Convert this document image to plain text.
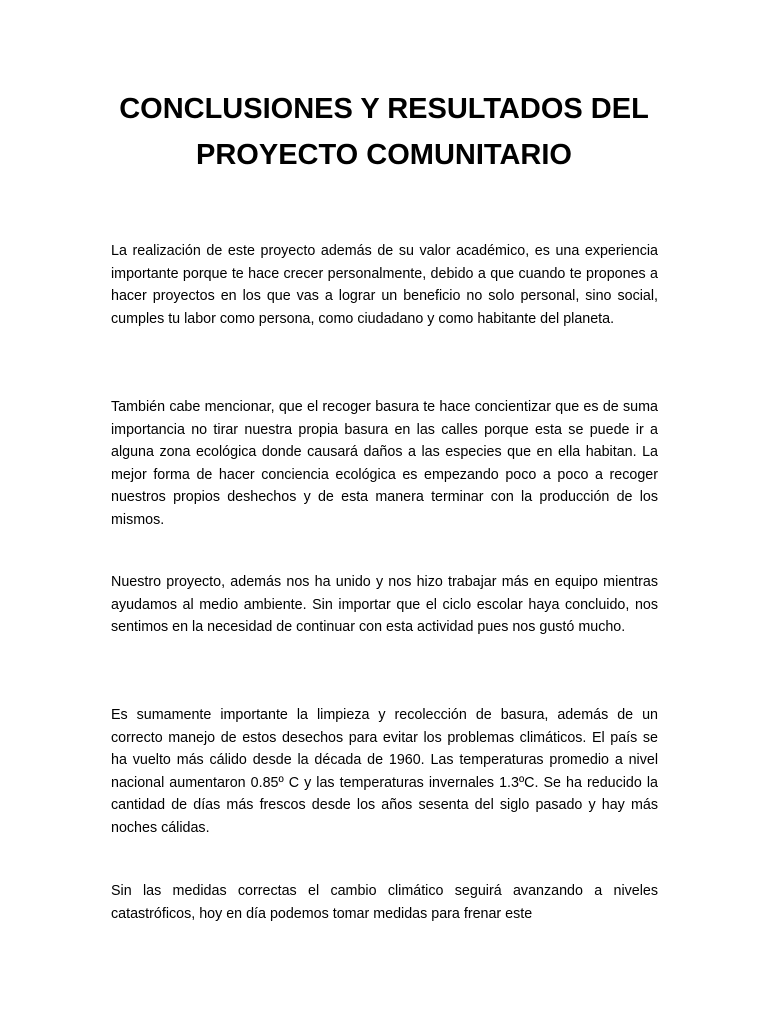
CONCLUSIONES Y RESULTADOS DEL PROYECTO COMUNITARIO

La realización de este proyecto además de su valor académico, es una experiencia importante porque te hace crecer personalmente, debido a que cuando te propones a hacer proyectos en los que vas a lograr un beneficio no solo personal, sino social, cumples tu labor como persona, como ciudadano y como habitante del planeta.

También cabe mencionar, que el recoger basura te hace concientizar que es de suma importancia no tirar nuestra propia basura en las calles porque esta se puede ir a alguna zona ecológica donde causará daños a las especies que en ella habitan. La mejor forma de hacer conciencia ecológica es empezando poco a poco a recoger nuestros propios deshechos y de esta manera terminar con la producción de los mismos.

Nuestro proyecto, además nos ha unido y nos hizo trabajar más en equipo mientras ayudamos al medio ambiente. Sin importar que el ciclo escolar haya concluido, nos sentimos en la necesidad de continuar con esta actividad pues nos gustó mucho.

Es sumamente importante la limpieza y recolección de basura, además de un correcto manejo de estos desechos para evitar los problemas climáticos. El país se ha vuelto más cálido desde la década de 1960. Las temperaturas promedio a nivel nacional aumentaron 0.85º C y las temperaturas invernales 1.3ºC. Se ha reducido la cantidad de días más frescos desde los años sesenta del siglo pasado y hay más noches cálidas.

Sin las medidas correctas el cambio climático seguirá avanzando a niveles catastróficos, hoy en día podemos tomar medidas para frenar este
